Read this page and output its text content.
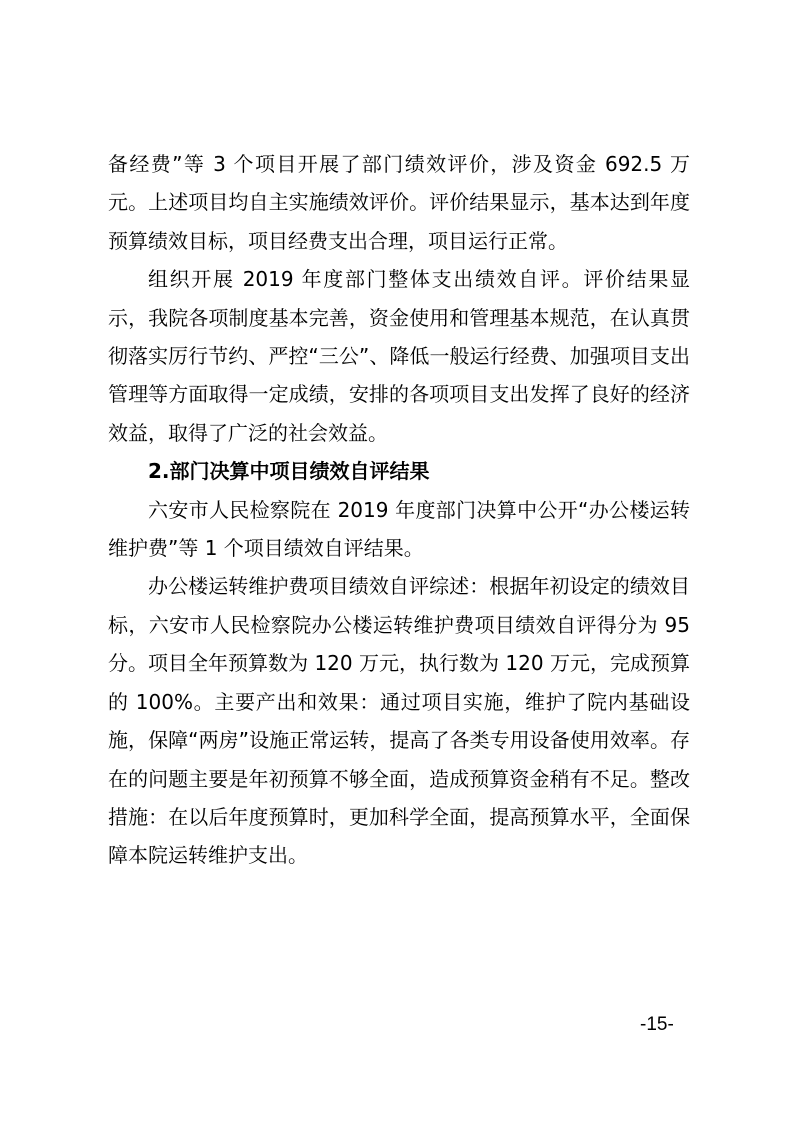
备经费”等 3 个项目开展了部门绩效评价，涉及资金 692.5 万元。上述项目均自主实施绩效评价。评价结果显示，基本达到年度预算绩效目标，项目经费支出合理，项目运行正常。

组织开展 2019 年度部门整体支出绩效自评。评价结果显示，我院各项制度基本完善，资金使用和管理基本规范，在认真贯彻落实厉行节约、严控“三公”、降低一般运行经费、加强项目支出管理等方面取得一定成绩，安排的各项项目支出发挥了良好的经济效益，取得了广泛的社会效益。

2.部门决算中项目绩效自评结果

六安市人民检察院在 2019 年度部门决算中公开“办公楼运转维护费”等 1 个项目绩效自评结果。

办公楼运转维护费项目绩效自评综述：根据年初设定的绩效目标，六安市人民检察院办公楼运转维护费项目绩效自评得分为 95 分。项目全年预算数为 120 万元，执行数为 120 万元，完成预算的 100%。主要产出和效果：通过项目实施，维护了院内基础设施，保障“两房”设施正常运转，提高了各类专用设备使用效率。存在的问题主要是年初预算不够全面，造成预算资金稍有不足。整改措施：在以后年度预算时，更加科学全面，提高预算水平，全面保障本院运转维护支出。

-15-
